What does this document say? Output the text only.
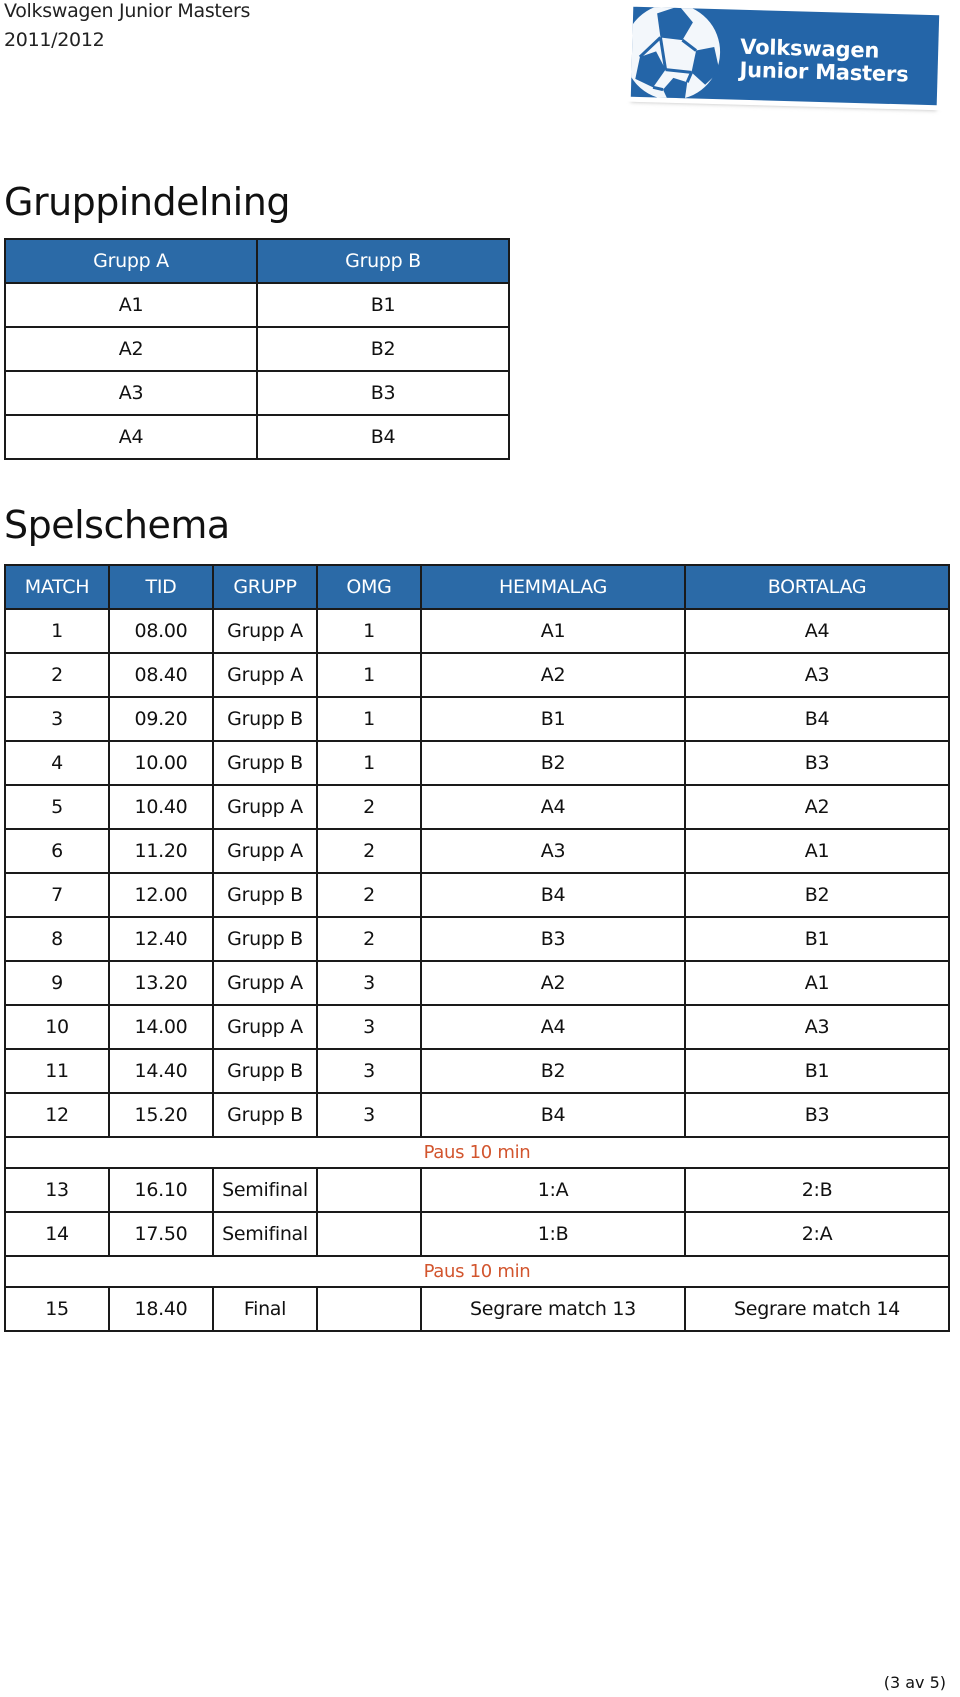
Volkswagen Junior Masters
2011/2012	Volkswagen
Junior Masters
Gruppindelning
Grupp A	Grupp B
A1	B1
A2	B2
A3	B3
A4	B4
Spelschema
MATCH	TID	GRUPP	OMG	HEMMALAG	BORTALAG
1	08.00	Grupp A	1	A1	A4
2	08.40	Grupp A	1	A2	A3
3	09.20	Grupp B	1	B1	B4
4	10.00	Grupp B	1	B2	B3
5	10.40	Grupp A	2	A4	A2
6	11.20	Grupp A	2	A3	A1
7	12.00	Grupp B	2	B4	B2
8	12.40	Grupp B	2	B3	B1
9	13.20	Grupp A	3	A2	A1
10	14.00	Grupp A	3	A4	A3
11	14.40	Grupp B	3	B2	B1
12	15.20	Grupp B	3	B4	B3
Paus 10 min					
13	16.10	Semifinal		1:A	2:B
14	17.50	Semifinal		1:B	2:A
Paus 10 min					
15	18.40	Final		Segrare match 13	Segrare match 14
(3 av 5)
